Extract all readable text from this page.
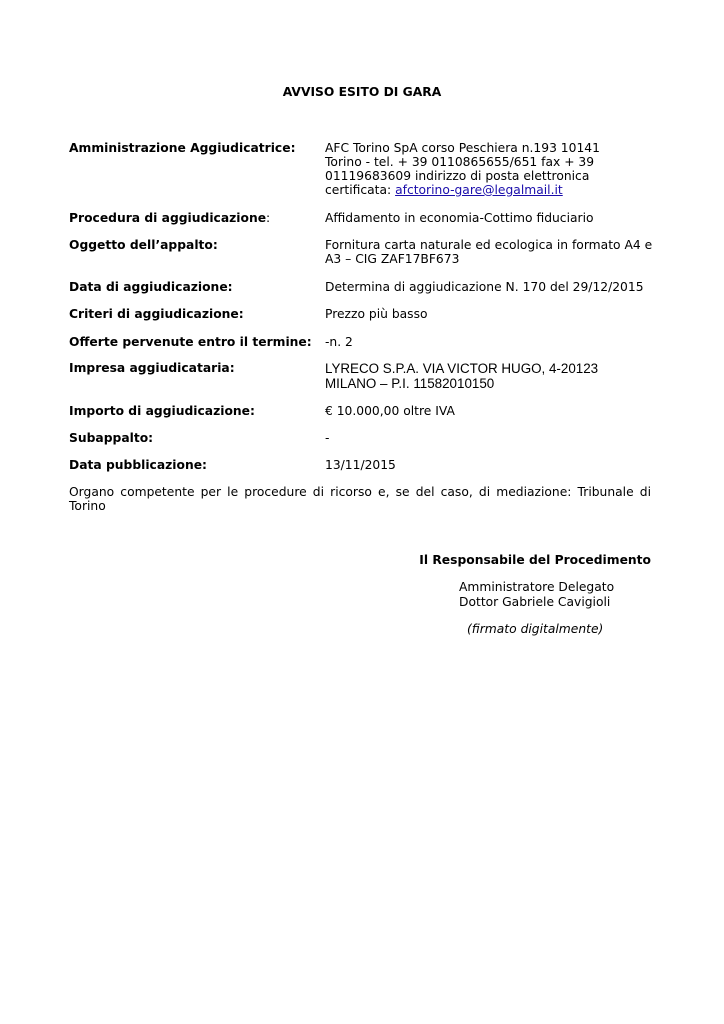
AVVISO ESITO DI GARA
Amministrazione Aggiudicatrice:	AFC Torino SpA corso Peschiera n.193 10141
Torino - tel. + 39 0110865655/651 fax + 39
01119683609 indirizzo di posta elettronica
certificata: afctorino-gare@legalmail.it
Procedura di aggiudicazione:	Affidamento in economia-Cottimo fiduciario
Oggetto dell’appalto:	Fornitura carta naturale ed ecologica in formato A4 e
A3 – CIG ZAF17BF673
Data di aggiudicazione:	Determina di aggiudicazione N. 170 del 29/12/2015
Criteri di aggiudicazione:	Prezzo più basso
Offerte pervenute entro il termine:	-n. 2
Impresa aggiudicataria:	LYRECO S.P.A. VIA VICTOR HUGO, 4-20123
MILANO – P.I. 11582010150
Importo di aggiudicazione:	€ 10.000,00 oltre IVA
Subappalto:	-
Data pubblicazione:	13/11/2015
Organo competente per le procedure di ricorso e, se del caso, di mediazione: Tribunale di Torino
Il Responsabile del Procedimento
Amministratore Delegato
Dottor Gabriele Cavigioli
(firmato digitalmente)
